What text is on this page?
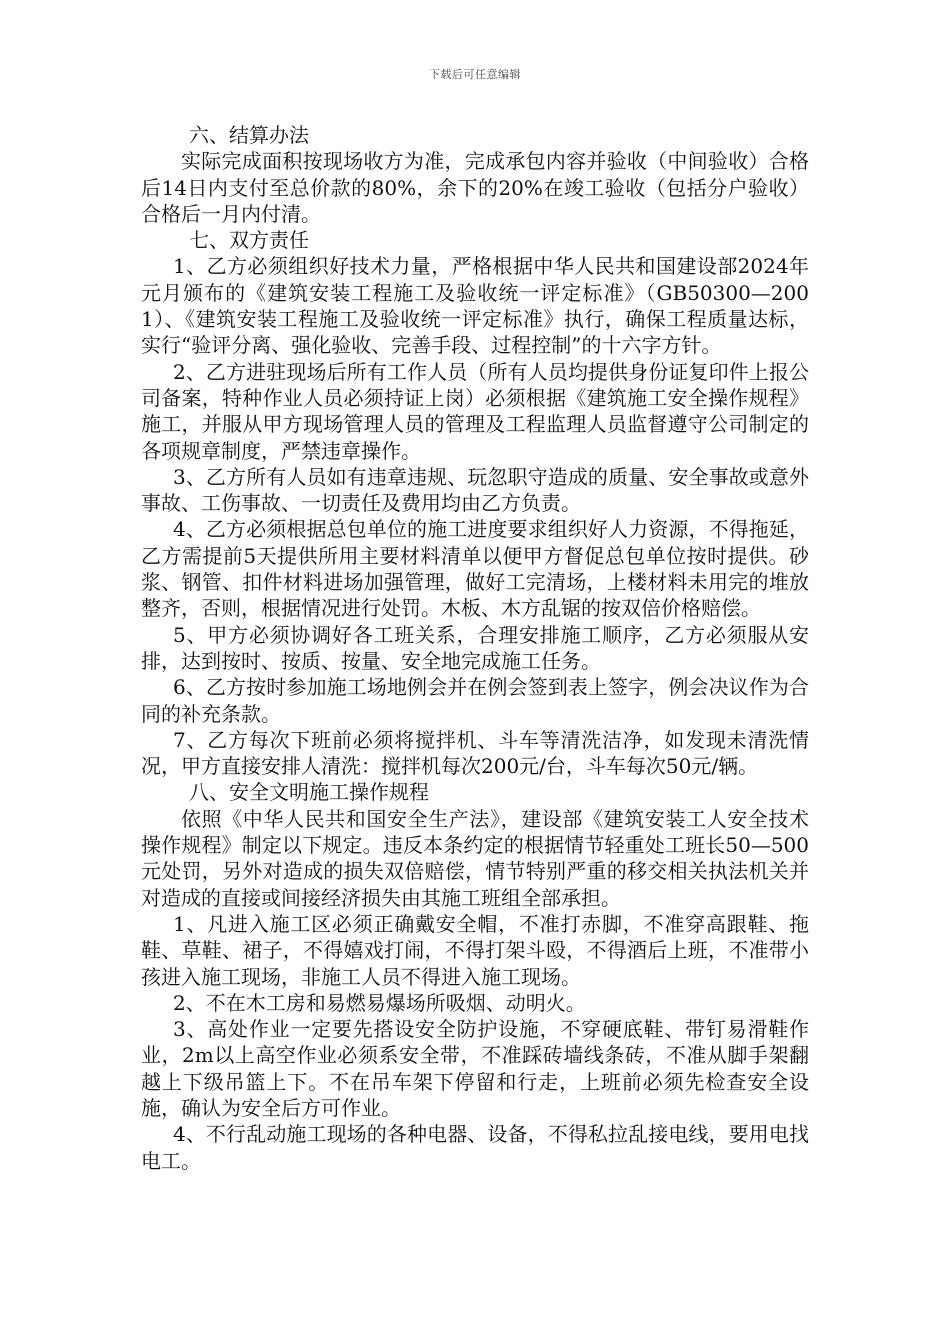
下载后可任意编辑

六、结算办法

实际完成面积按现场收方为准，完成承包内容并验收（中间验收）合格后14日内支付至总价款的80%，余下的20%在竣工验收（包括分户验收）合格后一月内付清。

七、双方责任

1、乙方必须组织好技术力量，严格根据中华人民共和国建设部2024年元月颁布的《建筑安装工程施工及验收统一评定标准》（GB50300—2001）、《建筑安装工程施工及验收统一评定标准》执行，确保工程质量达标，实行“验评分离、强化验收、完善手段、过程控制”的十六字方针。

2、乙方进驻现场后所有工作人员（所有人员均提供身份证复印件上报公司备案，特种作业人员必须持证上岗）必须根据《建筑施工安全操作规程》施工，并服从甲方现场管理人员的管理及工程监理人员监督遵守公司制定的各项规章制度，严禁违章操作。

3、乙方所有人员如有违章违规、玩忽职守造成的质量、安全事故或意外事故、工伤事故、一切责任及费用均由乙方负责。

4、乙方必须根据总包单位的施工进度要求组织好人力资源，不得拖延，乙方需提前5天提供所用主要材料清单以便甲方督促总包单位按时提供。砂浆、钢管、扣件材料进场加强管理，做好工完清场，上楼材料未用完的堆放整齐，否则，根据情况进行处罚。木板、木方乱锯的按双倍价格赔偿。

5、甲方必须协调好各工班关系，合理安排施工顺序，乙方必须服从安排，达到按时、按质、按量、安全地完成施工任务。

6、乙方按时参加施工场地例会并在例会签到表上签字，例会决议作为合同的补充条款。

7、乙方每次下班前必须将搅拌机、斗车等清洗洁净，如发现未清洗情况，甲方直接安排人清洗：搅拌机每次200元/台，斗车每次50元/辆。

八、安全文明施工操作规程

依照《中华人民共和国安全生产法》，建设部《建筑安装工人安全技术操作规程》制定以下规定。违反本条约定的根据情节轻重处工班长50—500元处罚，另外对造成的损失双倍赔偿，情节特别严重的移交相关执法机关并对造成的直接或间接经济损失由其施工班组全部承担。

1、凡进入施工区必须正确戴安全帽，不准打赤脚，不准穿高跟鞋、拖鞋、草鞋、裙子，不得嬉戏打闹，不得打架斗殴，不得酒后上班，不准带小孩进入施工现场，非施工人员不得进入施工现场。

2、不在木工房和易燃易爆场所吸烟、动明火。

3、高处作业一定要先搭设安全防护设施，不穿硬底鞋、带钉易滑鞋作业，2m以上高空作业必须系安全带，不准踩砖墙线条砖，不准从脚手架翻越上下级吊篮上下。不在吊车架下停留和行走，上班前必须先检查安全设施，确认为安全后方可作业。

4、不行乱动施工现场的各种电器、设备，不得私拉乱接电线，要用电找电工。
